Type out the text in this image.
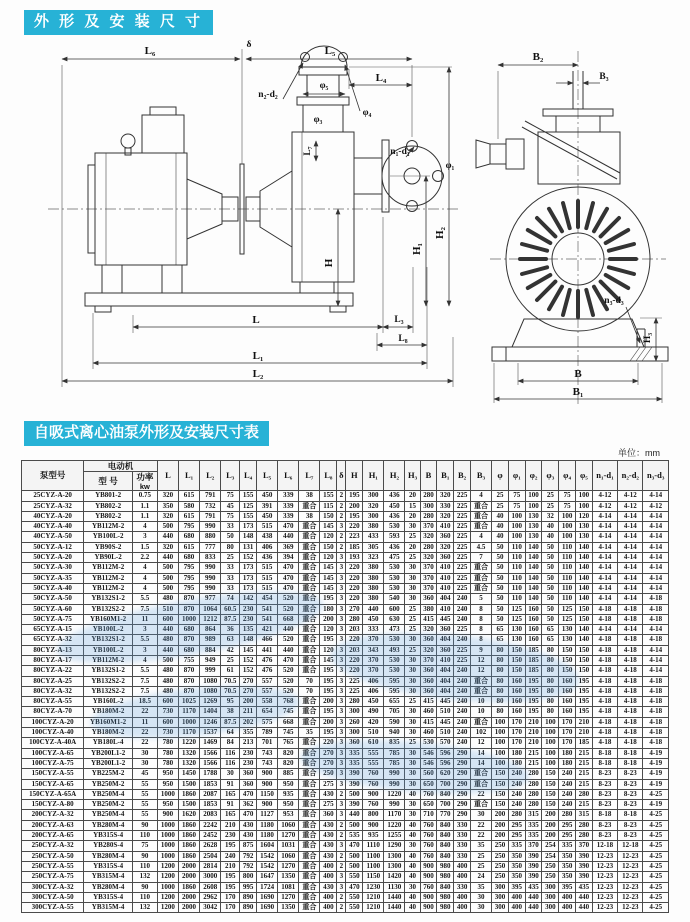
外 形 及 安 装 尺 寸
L₆	L₅
δ
L₄
n₂-d₂
φ₅
φ₃
φ₄
n₁-d₁
φ₁
L₇
H
H₁
H₂
L	L₃
L₈
L₁
L₂
B₂
B₃
n₃-d₃
H₃
B
B₁
自吸式离心油泵外形及安装尺寸表
单位：mm
泵型号	电动机		L	L₁	L₂	L₃	L₄	L₅	L₆	L₇	L₈	δ	H	H₁	H₂	H₃	B	B₁	B₂	B₃	φ	φ₁	φ₂	φ₃	φ₄	φ₅	n₁-d₁	n₂-d₂	n₃-d₃
	型 号	功率
kw																											

25CYZ-A-20	YB801-2	0.75	320	615	791	75	155	450	339	38	155	2	195	300	436	20	280	320	225	4	25	75	100	25	75	100	4-12	4-12	4-14
25CYZ-A-32	YB802-2	1.1	350	580	732	45	125	391	339	重合	115	2	200	320	450	15	300	330	225	重合	25	75	100	25	75	100	4-12	4-12	4-12
40CYZ-A-20	YB802-2	1.1	320	615	791	75	155	450	339	38	150	2	195	300	436	20	280	320	225	重合	40	100	130	32	100	120	4-14	4-14	4-14
40CYZ-A-40	YB112M-2	4	500	795	990	33	173	515	470	重合	145	3	220	380	530	30	370	410	225	重合	40	100	130	40	100	130	4-14	4-14	4-14
40CYZ-A-50	YB100L-2	3	440	680	880	50	148	438	440	重合	120	2	223	433	593	25	320	360	225	4	40	100	130	40	100	130	4-14	4-14	4-14
50CYZ-A-12	YB90S-2	1.5	320	615	777	80	131	406	369	重合	150	2	185	305	436	20	280	320	225	4.5	50	110	140	50	110	140	4-14	4-14	4-14
50CYZ-A-20	YB90L-2	2.2	440	680	833	25	152	436	394	重合	120	3	193	323	475	25	320	360	225	7	50	110	140	50	110	140	4-14	4-14	4-14
50CYZ-A-30	YB112M-2	4	500	795	990	33	173	515	470	重合	145	3	220	380	530	30	370	410	225	重合	50	110	140	50	110	140	4-14	4-14	4-14
50CYZ-A-35	YB112M-2	4	500	795	990	33	173	515	470	重合	145	3	220	380	530	30	370	410	225	重合	50	110	140	50	110	140	4-14	4-14	4-14
50CYZ-A-40	YB112M-2	4	500	795	990	33	173	515	470	重合	145	3	220	380	530	30	370	410	225	重合	50	110	140	50	110	140	4-14	4-14	4-14
50CYZ-A-50	YB132S1-2	5.5	480	870	977	74	142	454	520	重合	195	3	220	380	540	30	360	404	240	5	50	110	140	50	110	140	4-14	4-14	4-18
50CYZ-A-60	YB132S2-2	7.5	510	870	1064	60.5	230	541	520	重合	180	3	270	440	600	25	380	410	240	8	50	125	160	50	125	150	4-18	4-18	4-18
50CYZ-A-75	YB160M1-2	11	600	1000	1212	87.5	230	541	668	重合	200	3	280	450	630	25	415	445	240	8	50	125	160	50	125	150	4-18	4-18	4-18
65CYZ-A-15	YB100L-2	3	440	680	864	36	135	421	440	重合	120	3	203	333	473	25	320	360	225	8	65	130	160	65	130	140	4-14	4-14	4-14
65CYZ-A-32	YB132S1-2	5.5	480	870	989	63	148	466	520	重合	195	3	220	370	530	30	360	404	240	8	65	130	160	65	130	140	4-18	4-18	4-18
80CYZ-A-13	YB100L-2	3	440	680	884	42	145	441	440	重合	120	3	203	343	493	25	320	360	225	9	80	150	185	80	150	150	4-18	4-18	4-14
80CYZ-A-17	YB112M-2	4	500	755	949	25	152	476	470	重合	145	3	220	370	530	30	370	410	225	12	80	150	185	80	150	150	4-18	4-18	4-14
80CYZ-A-22	YB132S1-2	5.5	480	870	999	61	152	476	520	重合	195	3	220	370	530	30	360	404	240	12	80	150	185	80	150	150	4-18	4-18	4-14
80CYZ-A-25	YB132S2-2	7.5	480	870	1080	70.5	270	557	520	70	195	3	225	406	595	30	360	404	240	重合	80	160	195	80	160	195	4-18	4-18	4-18
80CYZ-A-32	YB132S2-2	7.5	480	870	1080	70.5	270	557	520	70	195	3	225	406	595	30	360	404	240	重合	80	160	195	80	160	195	4-18	4-18	4-18
80CYZ-A-55	YB160L-2	18.5	600	1025	1269	95	200	558	768	重合	200	3	280	450	655	25	415	445	240	10	80	160	195	80	160	195	4-18	4-18	4-18
80CYZ-A-70	YB180M-2	22	730	1170	1404	38	211	654	745	重合	195	3	300	490	705	30	460	510	240	10	80	160	195	80	160	195	4-18	4-18	4-18
100CYZ-A-20	YB160M1-2	11	600	1000	1246	87.5	202	575	668	重合	200	3	260	420	590	30	415	445	240	重合	100	170	210	100	170	210	4-18	4-18	4-18
100CYZ-A-40	YB180M-2	22	730	1170	1537	64	355	789	745	35	195	3	300	510	940	30	460	510	240	102	100	170	210	100	170	210	4-18	4-18	4-18
100CYZ-A-40A	YB180L-4	22	780	1220	1469	84	213	701	765	重合	220	3	360	610	835	25	530	570	240	12	100	170	210	100	170	185	4-18	4-18	4-18
100CYZ-A-65	YB200L1-2	30	780	1320	1566	116	230	743	820	重合	270	3	335	555	785	30	546	596	290	14	100	180	215	100	180	215	8-18	8-18	4-19
100CYZ-A-75	YB200L1-2	30	780	1320	1566	116	230	743	820	重合	270	3	335	555	785	30	546	596	290	14	100	180	215	100	180	215	8-18	8-18	4-19
150CYZ-A-55	YB225M-2	45	950	1450	1788	30	360	900	885	重合	250	3	390	760	990	30	560	620	290	重合	150	240	280	150	240	215	8-23	8-23	4-19
150CYZ-A-65	YB250M-2	55	950	1500	1853	91	360	900	950	重合	275	3	390	760	990	30	650	700	290	重合	150	240	280	150	240	215	8-23	8-23	4-19
150CYZ-A-65A	YB250M-4	55	1000	1860	2087	165	470	1150	935	重合	430	2	500	900	1220	40	760	840	290	22	150	240	280	150	240	280	8-23	8-23	4-25
150CYZ-A-80	YB250M-2	55	950	1500	1853	91	362	900	950	重合	275	3	390	760	990	30	650	700	290	重合	150	240	280	150	240	215	8-23	8-23	4-19
200CYZ-A-32	YB250M-4	55	900	1620	2083	165	470	1127	953	重合	360	3	440	800	1170	30	710	770	290	30	200	280	315	200	280	315	8-18	8-18	4-25
200CYZ-A-63	YB280M-4	90	1000	1860	2242	210	430	1180	1060	重合	430	2	500	900	1220	40	760	840	330	22	200	295	335	200	295	280	8-23	8-23	4-25
200CYZ-A-65	YB315S-4	110	1000	1860	2452	230	430	1180	1270	重合	430	2	535	935	1255	40	760	840	330	22	200	295	335	200	295	280	8-23	8-23	4-25
250CYZ-A-32	YB280S-4	75	1000	1860	2628	195	875	1604	1031	重合	430	3	470	1110	1290	30	760	840	330	35	250	335	370	254	335	370	12-18	12-18	4-25
250CYZ-A-50	YB280M-4	90	1000	1860	2504	240	792	1542	1060	重合	430	2	500	1100	1300	40	760	840	330	25	250	350	390	254	350	390	12-23	12-23	4-25
250CYZ-A-55	YB315S-4	110	1200	2000	2814	210	792	1542	1270	重合	400	2	500	1100	1300	40	900	980	400	25	250	350	390	250	350	390	12-23	12-23	4-25
250CYZ-A-75	YB315M-4	132	1200	2000	3000	195	800	1647	1350	重合	400	3	550	1150	1420	40	900	980	400	24	250	350	390	250	350	390	12-23	12-23	4-25
300CYZ-A-32	YB280M-4	90	1000	1860	2608	195	995	1724	1081	重合	430	3	470	1230	1130	30	760	840	330	35	300	395	435	300	395	435	12-23	12-23	4-25
300CYZ-A-50	YB315S-4	110	1200	2000	2962	170	890	1690	1270	重合	400	2	550	1210	1440	40	900	980	400	30	300	400	440	300	400	440	12-23	12-23	4-25
300CYZ-A-55	YB315M-4	132	1200	2000	3042	170	890	1690	1350	重合	400	2	550	1210	1440	40	900	980	400	30	300	400	440	300	400	440	12-23	12-23	4-25
